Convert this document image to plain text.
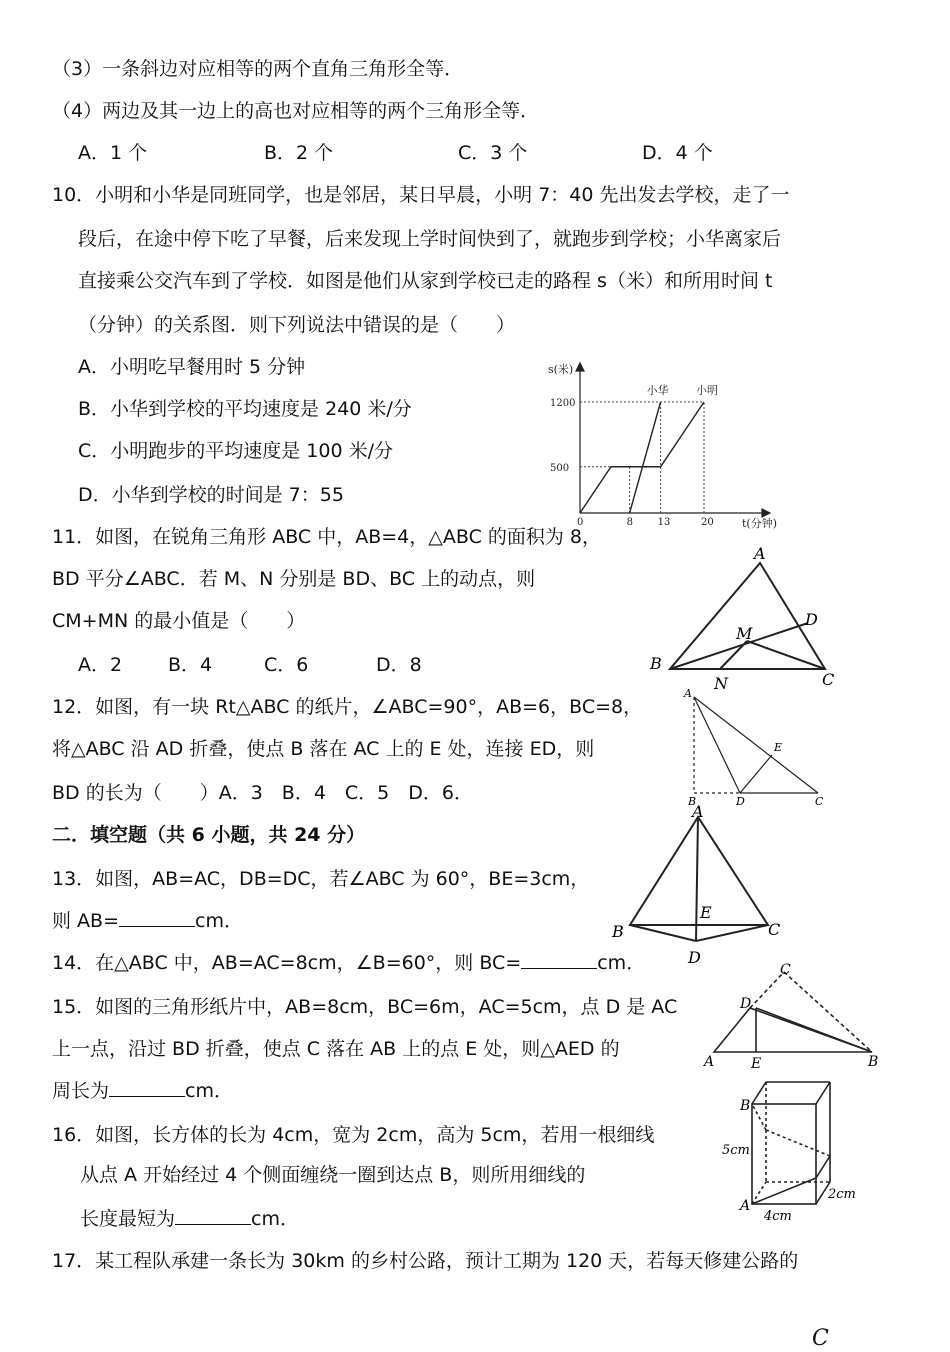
（3）一条斜边对应相等的两个直角三角形全等．
（4）两边及其一边上的高也对应相等的两个三角形全等．
A．1 个	B．2 个	C．3 个	D．4 个
10．小明和小华是同班同学，也是邻居，某日早晨，小明 7：40 先出发去学校，走了一
段后，在途中停下吃了早餐，后来发现上学时间快到了，就跑步到学校；小华离家后
直接乘公交汽车到了学校．如图是他们从家到学校已走的路程 s（米）和所用时间 t
（分钟）的关系图．则下列说法中错误的是（　　）
A．小明吃早餐用时 5 分钟
B．小华到学校的平均速度是 240 米/分
C．小明跑步的平均速度是 100 米/分
D．小华到学校的时间是 7：55
500
1200
0	8 13	20
小华 小明
s(米)
t(分钟)
11．如图，在锐角三角形 ABC 中，AB=4，△ABC 的面积为 8，
BD 平分∠ABC．若 M、N 分别是 BD、BC 上的动点，则
CM+MN 的最小值是（　　）
A．2 B．4	C．6	D．8
A
B
C
D
M
N
12．如图，有一块 Rt△ABC 的纸片，∠ABC=90°，AB=6，BC=8，
将△ABC 沿 AD 折叠，使点 B 落在 AC 上的 E 处，连接 ED，则
BD 的长为（　　）A．3　B．4　C．5　D．6．
A
B	D	C
E
二．填空题（共 6 小题，共 24 分）
13．如图，AB=AC，DB=DC，若∠ABC 为 60°，BE=3cm，
则 AB=	cm．
A
B	C
D
E
14．在△ABC 中，AB=AC=8cm，∠B=60°，则 BC=	cm．
15．如图的三角形纸片中，AB=8cm，BC=6m，AC=5cm，点 D 是 AC
上一点，沿过 BD 折叠，使点 C 落在 AB 上的点 E 处，则△AED 的
周长为	cm．
C
D
A	E	B
16．如图，长方体的长为 4cm，宽为 2cm，高为 5cm，若用一根细线
从点 A 开始经过 4 个侧面缠绕一圈到达点 B，则所用细线的
长度最短为	cm．
B
A
5cm
2cm
4cm
17．某工程队承建一条长为 30km 的乡村公路，预计工期为 120 天，若每天修建公路的
C
